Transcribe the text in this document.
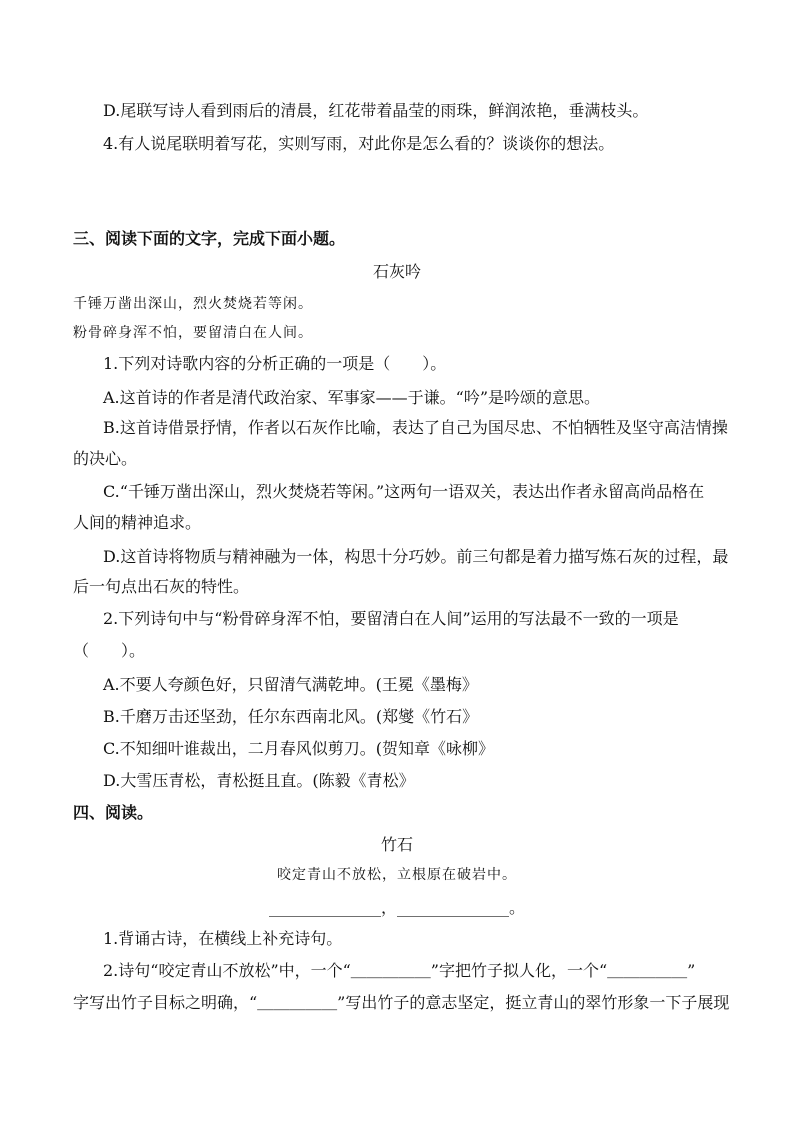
D.尾联写诗人看到雨后的清晨，红花带着晶莹的雨珠，鲜润浓艳，垂满枝头。

4.有人说尾联明着写花，实则写雨，对此你是怎么看的？谈谈你的想法。

三、阅读下面的文字，完成下面小题。

石灰吟

千锤万凿出深山，烈火焚烧若等闲。

粉骨碎身浑不怕，要留清白在人间。

1.下列对诗歌内容的分析正确的一项是（　　）。

A.这首诗的作者是清代政治家、军事家——于谦。“吟”是吟颂的意思。

B.这首诗借景抒情，作者以石灰作比喻，表达了自己为国尽忠、不怕牺牲及坚守高洁情操

的决心。

C.“千锤万凿出深山，烈火焚烧若等闲。”这两句一语双关，表达出作者永留高尚品格在

人间的精神追求。

D.这首诗将物质与精神融为一体，构思十分巧妙。前三句都是着力描写炼石灰的过程，最

后一句点出石灰的特性。

2.下列诗句中与“粉骨碎身浑不怕，要留清白在人间”运用的写法最不一致的一项是

（　　）。

A.不要人夸颜色好，只留清气满乾坤。(王冕《墨梅》

B.千磨万击还坚劲，任尔东西南北风。(郑燮《竹石》

C.不知细叶谁裁出，二月春风似剪刀。(贺知章《咏柳》

D.大雪压青松，青松挺且直。(陈毅《青松》

四、阅读。

竹石

咬定青山不放松，立根原在破岩中。

______________，______________。

1.背诵古诗，在横线上补充诗句。

2.诗句“咬定青山不放松”中，一个“＿＿＿＿＿”字把竹子拟人化，一个“＿＿＿＿＿”

字写出竹子目标之明确，“＿＿＿＿＿”写出竹子的意志坚定，挺立青山的翠竹形象一下子展现
